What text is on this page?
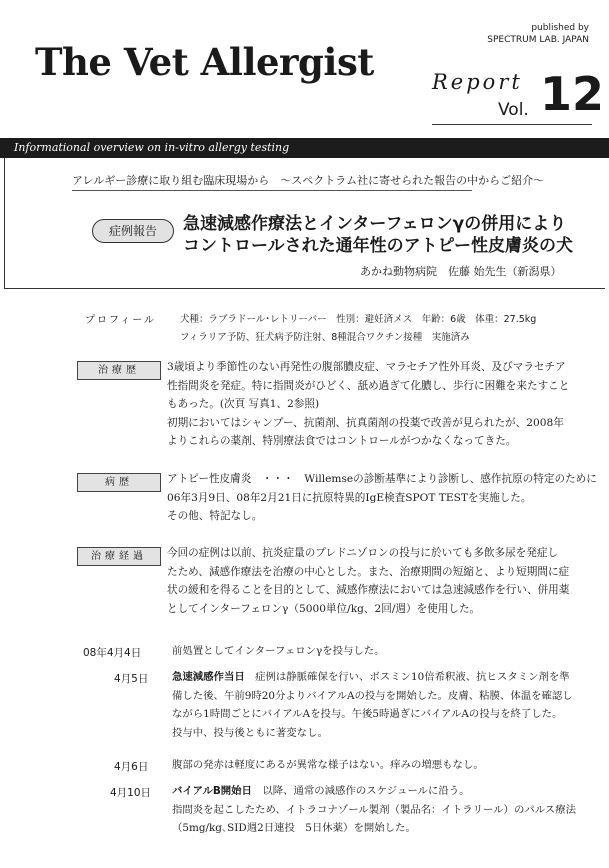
published by
SPECTRUM LAB. JAPAN
The Vet Allergist	Report
Vol. 12
Informational overview on in-vitro allergy testing
アレルギー診療に取り組む臨床現場から　～スペクトラム社に寄せられた報告の中からご紹介～
症例報告	急速減感作療法とインターフェロンγの併用により
コントロールされた通年性のアトピー性皮膚炎の犬
あかね動物病院　佐藤 始先生（新潟県）
プロフィール	犬種：ラブラドール･レトリーバー　性別：避妊済メス　年齢：6歳　体重：27.5kg
フィラリア予防、狂犬病予防注射、8種混合ワクチン接種　実施済み
治療歴	3歳頃より季節性のない再発性の腹部膿皮症、マラセチア性外耳炎、及びマラセチア
性指間炎を発症。特に指間炎がひどく、舐め過ぎて化膿し、歩行に困難を来たすこと
もあった。(次頁 写真1、2参照)
初期においてはシャンプー、抗菌剤、抗真菌剤の投薬で改善が見られたが、2008年
よりこれらの薬剤、特別療法食ではコントロールがつかなくなってきた。
病歴	アトピー性皮膚炎　・・・　Willemseの診断基準により診断し、感作抗原の特定のために
06年3月9日、08年2月21日に抗原特異的IgE検査SPOT TESTを実施した。
その他、特記なし。
治療経過	今回の症例は以前、抗炎症量のプレドニゾロンの投与に於いても多飲多尿を発症し
たため、減感作療法を治療の中心とした。また、治療期間の短縮と、より短期間に症
状の緩和を得ることを目的として、減感作療法においては急速減感作を行い、併用薬
としてインターフェロンγ（5000単位/kg、2回/週）を使用した。
08年4月4日	前処置としてインターフェロンγを投与した。
4月5日 急速減感作当日　 症例は静脈確保を行い、ボスミン10倍希釈液、抗ヒスタミン剤を準
備した後、午前9時20分よりバイアルAの投与を開始した。皮膚、粘膜、体温を確認し
ながら1時間ごとにバイアルAを投与。午後5時過ぎにバイアルAの投与を終了した。
投与中、投与後ともに著変なし。
4月6日 腹部の発赤は軽度にあるが異常な様子はない。痒みの増悪もなし。
4月10日 バイアルB開始日　 以降、通常の減感作のスケジュールに沿う。
指間炎を起こしたため、イトラコナゾール製剤（製品名：イトラリール）のパルス療法
（5mg/kg､SID週2日連投　5日休薬）を開始した。
